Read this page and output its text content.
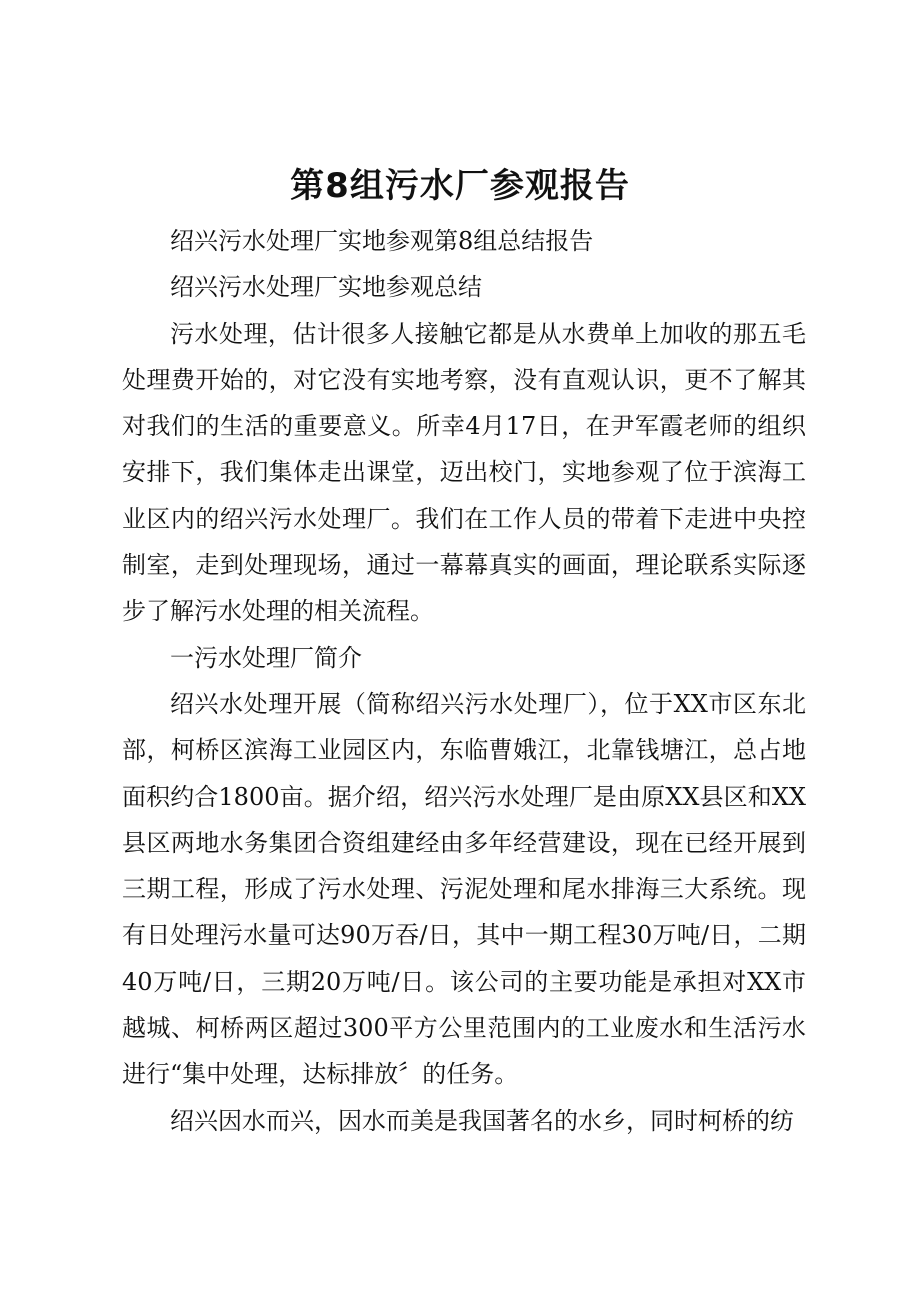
第8组污水厂参观报告

绍兴污水处理厂实地参观第8组总结报告

绍兴污水处理厂实地参观总结

污水处理，估计很多人接触它都是从水费单上加收的那五毛处理费开始的，对它没有实地考察，没有直观认识，更不了解其对我们的生活的重要意义。所幸4月17日，在尹军霞老师的组织安排下，我们集体走出课堂，迈出校门，实地参观了位于滨海工业区内的绍兴污水处理厂。我们在工作人员的带着下走进中央控制室，走到处理现场，通过一幕幕真实的画面，理论联系实际逐步了解污水处理的相关流程。

一污水处理厂简介

绍兴水处理开展（简称绍兴污水处理厂），位于XX市区东北部，柯桥区滨海工业园区内，东临曹娥江，北靠钱塘江，总占地面积约合1800亩。据介绍，绍兴污水处理厂是由原XX县区和XX县区两地水务集团合资组建经由多年经营建设，现在已经开展到三期工程，形成了污水处理、污泥处理和尾水排海三大系统。现有日处理污水量可达90万吞/日，其中一期工程30万吨/日，二期40万吨/日，三期20万吨/日。该公司的主要功能是承担对XX市越城、柯桥两区超过300平方公里范围内的工业废水和生活污水进行“集中处理，达标排放〞的任务。

绍兴因水而兴，因水而美是我国著名的水乡，同时柯桥的纺
